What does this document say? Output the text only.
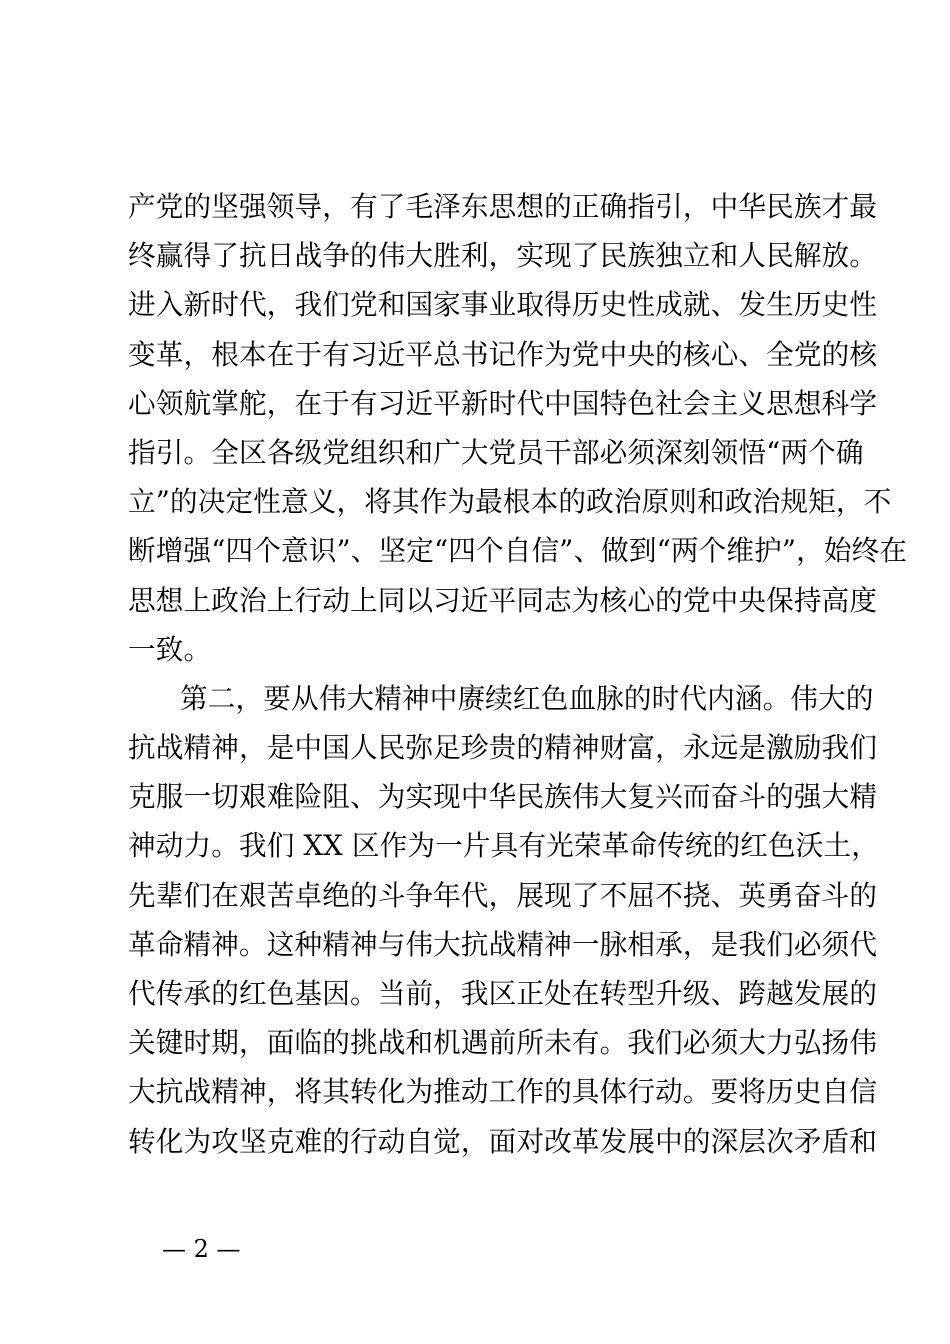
产党的坚强领导，有了毛泽东思想的正确指引，中华民族才最
终赢得了抗日战争的伟大胜利，实现了民族独立和人民解放。
进入新时代，我们党和国家事业取得历史性成就、发生历史性
变革，根本在于有习近平总书记作为党中央的核心、全党的核
心领航掌舵，在于有习近平新时代中国特色社会主义思想科学
指引。全区各级党组织和广大党员干部必须深刻领悟“两个确
立”的决定性意义，将其作为最根本的政治原则和政治规矩，不
断增强“四个意识”、坚定“四个自信”、做到“两个维护”，始终在
思想上政治上行动上同以习近平同志为核心的党中央保持高度
一致。
第二，要从伟大精神中赓续红色血脉的时代内涵。伟大的
抗战精神，是中国人民弥足珍贵的精神财富，永远是激励我们
克服一切艰难险阻、为实现中华民族伟大复兴而奋斗的强大精
神动力。我们 XX 区作为一片具有光荣革命传统的红色沃土，
先辈们在艰苦卓绝的斗争年代，展现了不屈不挠、英勇奋斗的
革命精神。这种精神与伟大抗战精神一脉相承，是我们必须代
代传承的红色基因。当前，我区正处在转型升级、跨越发展的
关键时期，面临的挑战和机遇前所未有。我们必须大力弘扬伟
大抗战精神，将其转化为推动工作的具体行动。要将历史自信
转化为攻坚克难的行动自觉，面对改革发展中的深层次矛盾和
— 2 —
